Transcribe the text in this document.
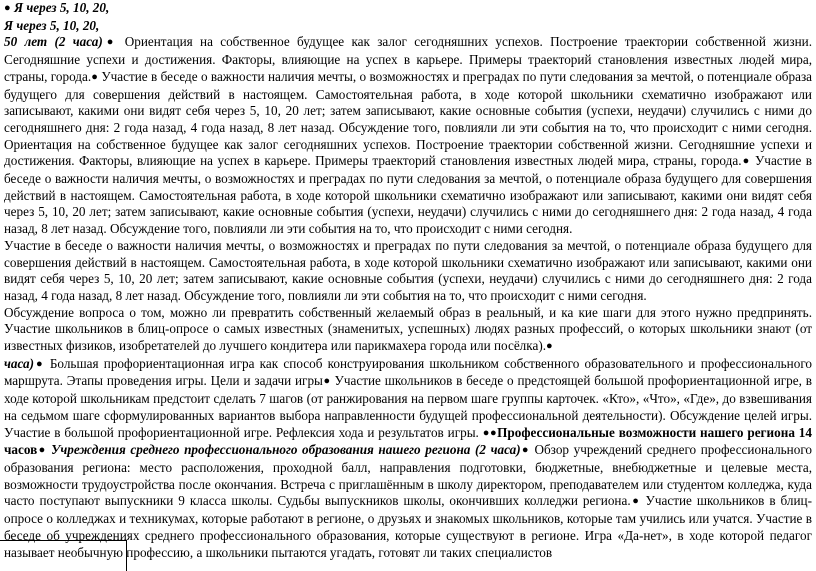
● Я через 5, 10, 20,

Я через 5, 10, 20,

50 лет (2 часа)● Ориентация на собственное будущее как залог сегодняшних успехов. Построение траектории собственной жизни. Сегодняшние успехи и достижения. Факторы, влияющие на успех в карьере. Примеры траекторий становления известных людей мира, страны, города.● Участие в беседе о важности наличия мечты, о возможностях и преградах по пути следования за мечтой, о потенциале образа будущего для совершения действий в настоящем. Самостоятельная работа, в ходе которой школьники схематично изображают или записывают, какими они видят себя через 5, 10, 20 лет; затем записывают, какие основные события (успехи, неудачи) случились с ними до сегодняшнего дня: 2 года назад, 4 года назад, 8 лет назад. Обсуждение того, повлияли ли эти события на то, что происходит с ними сегодня. Ориентация на собственное будущее как залог сегодняшних успехов. Построение траектории собственной жизни. Сегодняшние успехи и достижения. Факторы, влияющие на успех в карьере. Примеры траекторий становления известных людей мира, страны, города.● Участие в беседе о важности наличия мечты, о возможностях и преградах по пути следования за мечтой, о потенциале образа будущего для совершения действий в настоящем. Самостоятельная работа, в ходе которой школьники схематично изображают или записывают, какими они видят себя через 5, 10, 20 лет; затем записывают, какие основные события (успехи, неудачи) случились с ними до сегодняшнего дня: 2 года назад, 4 года назад, 8 лет назад. Обсуждение того, повлияли ли эти события на то, что происходит с ними сегодня.

Участие в беседе о важности наличия мечты, о возможностях и преградах по пути следования за мечтой, о потенциале образа будущего для совершения действий в настоящем. Самостоятельная работа, в ходе которой школьники схематично изображают или записывают, какими они видят себя через 5, 10, 20 лет; затем записывают, какие основные события (успехи, неудачи) случились с ними до сегодняшнего дня: 2 года назад, 4 года назад, 8 лет назад. Обсуждение того, повлияли ли эти события на то, что происходит с ними сегодня.

Обсуждение вопроса о том, можно ли превратить собственный желаемый образ в реальный, и ка кие шаги для этого нужно предпринять. Участие школьников в блиц-опросе о самых известных (знаменитых, успешных) людях разных профессий, о которых школьники знают (от известных физиков, изобретателей до лучшего кондитера или парикмахера города или посёлка).●

часа)● Большая профориентационная игра как способ конструирования школьником собственного образовательного и профессионального маршрута. Этапы проведения игры. Цели и задачи игры● Участие школьников в беседе о предстоящей большой профориентационной игре, в ходе которой школьникам предстоит сделать 7 шагов (от ранжирования на первом шаге группы карточек. «Кто», «Что», «Где», до взвешивания на седьмом шаге сформулированных вариантов выбора направленности будущей профессиональной деятельности). Обсуждение целей игры. Участие в большой профориентационной игре. Рефлексия хода и результатов игры. ●●Профессиональные возможности нашего региона 14 часов● Учреждения среднего профессионального образования нашего региона (2 часа)● Обзор учреждений среднего профессионального образования региона: место расположения, проходной балл, направления подготовки, бюджетные, внебюджетные и целевые места, возможности трудоустройства после окончания. Встреча с приглашённым в школу директором, преподавателем или студентом колледжа, куда часто поступают выпускники 9 класса школы. Судьбы выпускников школы, окончивших колледжи региона.● Участие школьников в блиц-опросе о колледжах и техникумах, которые работают в регионе, о друзьях и знакомых школьников, которые там учились или учатся. Участие в беседе об учреждениях среднего профессионального образования, которые существуют в регионе. Игра «Да-нет», в ходе которой педагог называет необычную профессию, а школьники пытаются угадать, готовят ли таких специалистов
